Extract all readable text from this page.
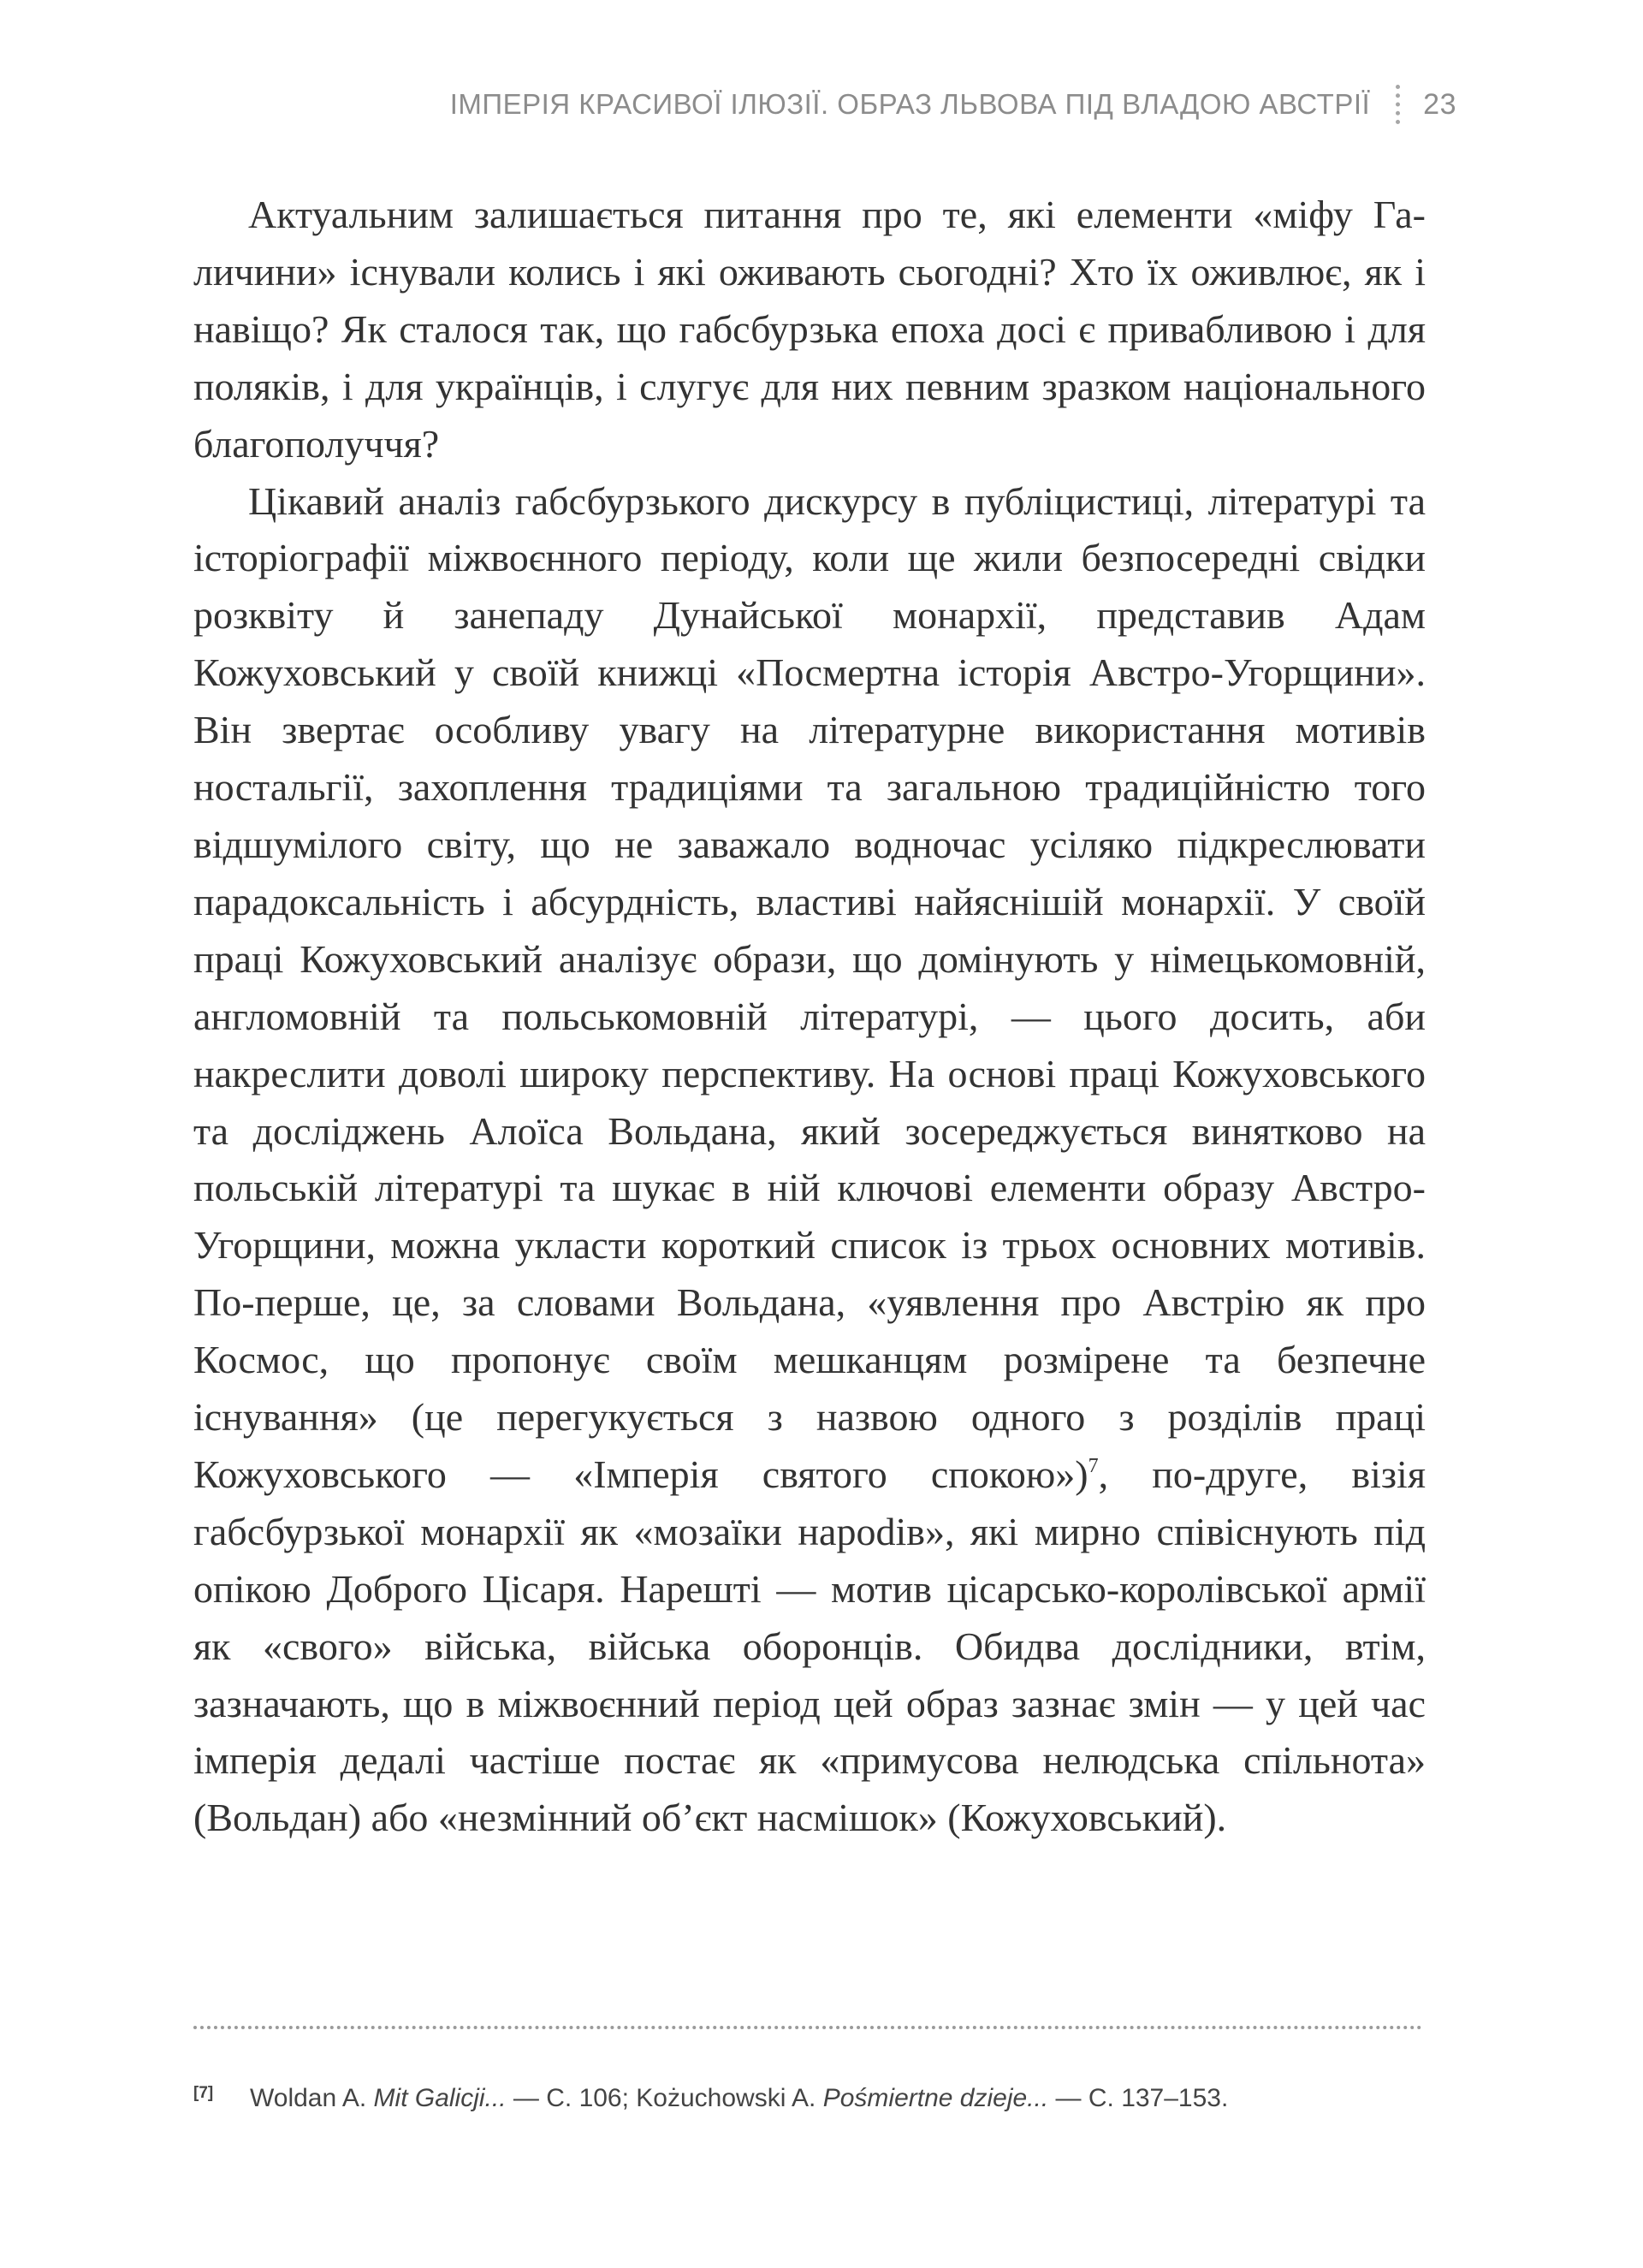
ІМПЕРІЯ КРАСИВОЇ ІЛЮЗІЇ. ОБРАЗ ЛЬВОВА ПІД ВЛАДОЮ АВСТРІЇ 23

Актуальним залишається питання про те, які елементи «міфу Галичини» існували колись і які оживають сьогодні? Хто їх оживлює, як і навіщо? Як сталося так, що габсбурзька епоха досі є привабливою і для поляків, і для українців, і слугує для них певним зразком національного благополуччя?

Цікавий аналіз габсбурзького дискурсу в публіцистиці, літературі та історіографії міжвоєнного періоду, коли ще жили безпосередні свідки розквіту й занепаду Дунайської монархії, представив Адам Кожуховський у своїй книжці «Посмертна історія Австро-Угорщини». Він звертає особливу увагу на літературне використання мотивів ностальгії, захоплення традиціями та загальною традиційністю того відшумілого світу, що не заважало водночас усіляко підкреслювати парадоксальність і абсурдність, властиві найяснішій монархії. У своїй праці Кожуховський аналізує образи, що домінують у німецькомовній, англомовній та польськомовній літературі, — цього досить, аби накреслити доволі широку перспективу. На основі праці Кожуховського та досліджень Алоїса Вольдана, який зосереджується винятково на польській літературі та шукає в ній ключові елементи образу Австро-Угорщини, можна укласти короткий список із трьох основних мотивів. По-перше, це, за словами Вольдана, «уявлення про Австрію як про Космос, що пропонує своїм мешканцям розмірене та безпечне існування» (це перегукується з назвою одного з розділів праці Кожуховського — «Імперія святого спокою»)$^7$, по-друге, візія габсбурзької монархії як «мозаїки нароdів», які мирно співіснують під опікою Доброго Цісаря. Нарешті — мотив цісарсько-королівської армії як «свого» війська, війська оборонців. Обидва дослідники, втім, зазначають, що в міжвоєнний період цей образ зазнає змін — у цей час імперія дедалі частіше постає як «примусова нелюдська спільнота» (Вольдан) або «незмінний об’єкт насмішок» (Кожуховський).

[7]	Woldan A. Mit Galicji... — С. 106; Kożuchowski A. Pośmiertne dzieje... — С. 137–153.
